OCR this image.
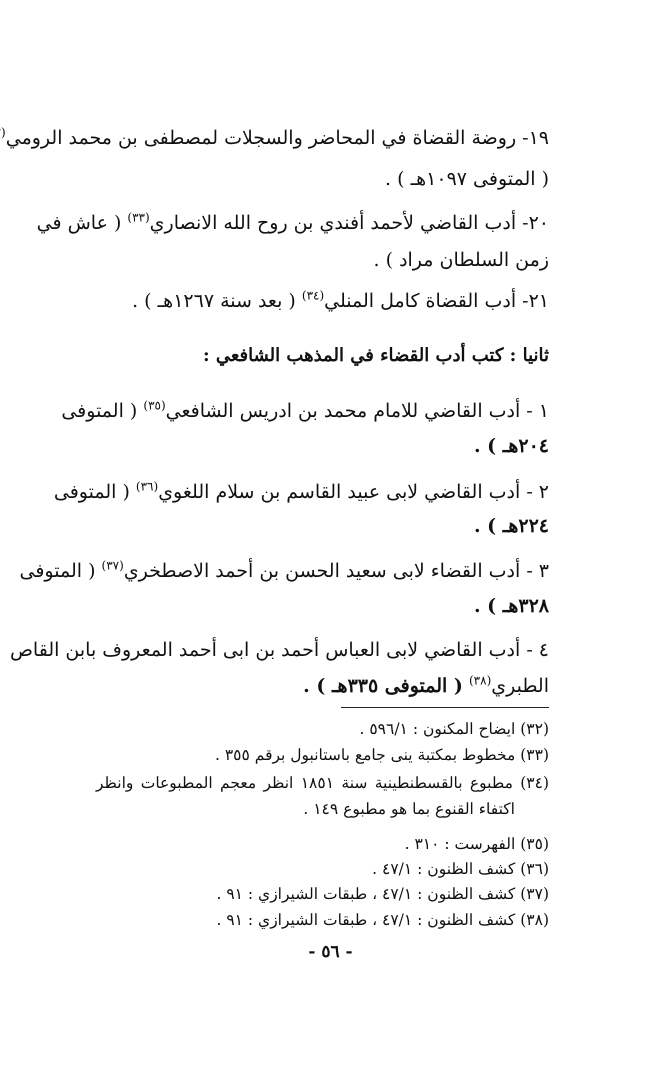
١٩- روضة القضاة في المحاضر والسجلات لمصطفى بن محمد الرومي(
( المتوفى ١٠٩٧هـ ) .
٢٠- أدب القاضي لأحمد أفندي بن روح الله الانصاري$^{(٣٣)}$ ( عاش في
زمن السلطان مراد ) .
٢١- أدب القضاة كامل المنلي$^{(٣٤)}$ ( بعد سنة ١٢٦٧هـ ) .
ثانيا : كتب أدب القضاء في المذهب الشافعي :
١ - أدب القاضي للامام محمد بن ادريس الشافعي$^{(٣٥)}$ ( المتوفى
٢٠٤هـ ) .
٢ - أدب القاضي لابى عبيد القاسم بن سلام اللغوي$^{(٣٦)}$ ( المتوفى
٢٢٤هـ ) .
٣ - أدب القضاء لابى سعيد الحسن بن أحمد الاصطخري$^{(٣٧)}$ ( المتوفى
٣٢٨هـ ) .
٤ - أدب القاضي لابى العباس أحمد بن ابى أحمد المعروف بابن القاص
الطبري$^{(٣٨)}$ ( المتوفى ٣٣٥هـ ) .
(٣٢) ايضاح المكنون : ٥٩٦/١ .
(٣٣) مخطوط بمكتبة ينى جامع باستانبول برقم ٣٥٥ .
(٣٤) مطبوع بالقسطنطينية سنة ١٨٥١ انظر معجم المطبوعات وانظر
اكتفاء القنوع بما هو مطبوع ١٤٩ .
(٣٥) الفهرست : ٣١٠ .
(٣٦) كشف الظنون : ٤٧/١ .
(٣٧) كشف الظنون : ٤٧/١ ، طبقات الشيرازي : ٩١ .
(٣٨) كشف الظنون : ٤٧/١ ، طبقات الشيرازي : ٩١ .
- ٥٦ -
